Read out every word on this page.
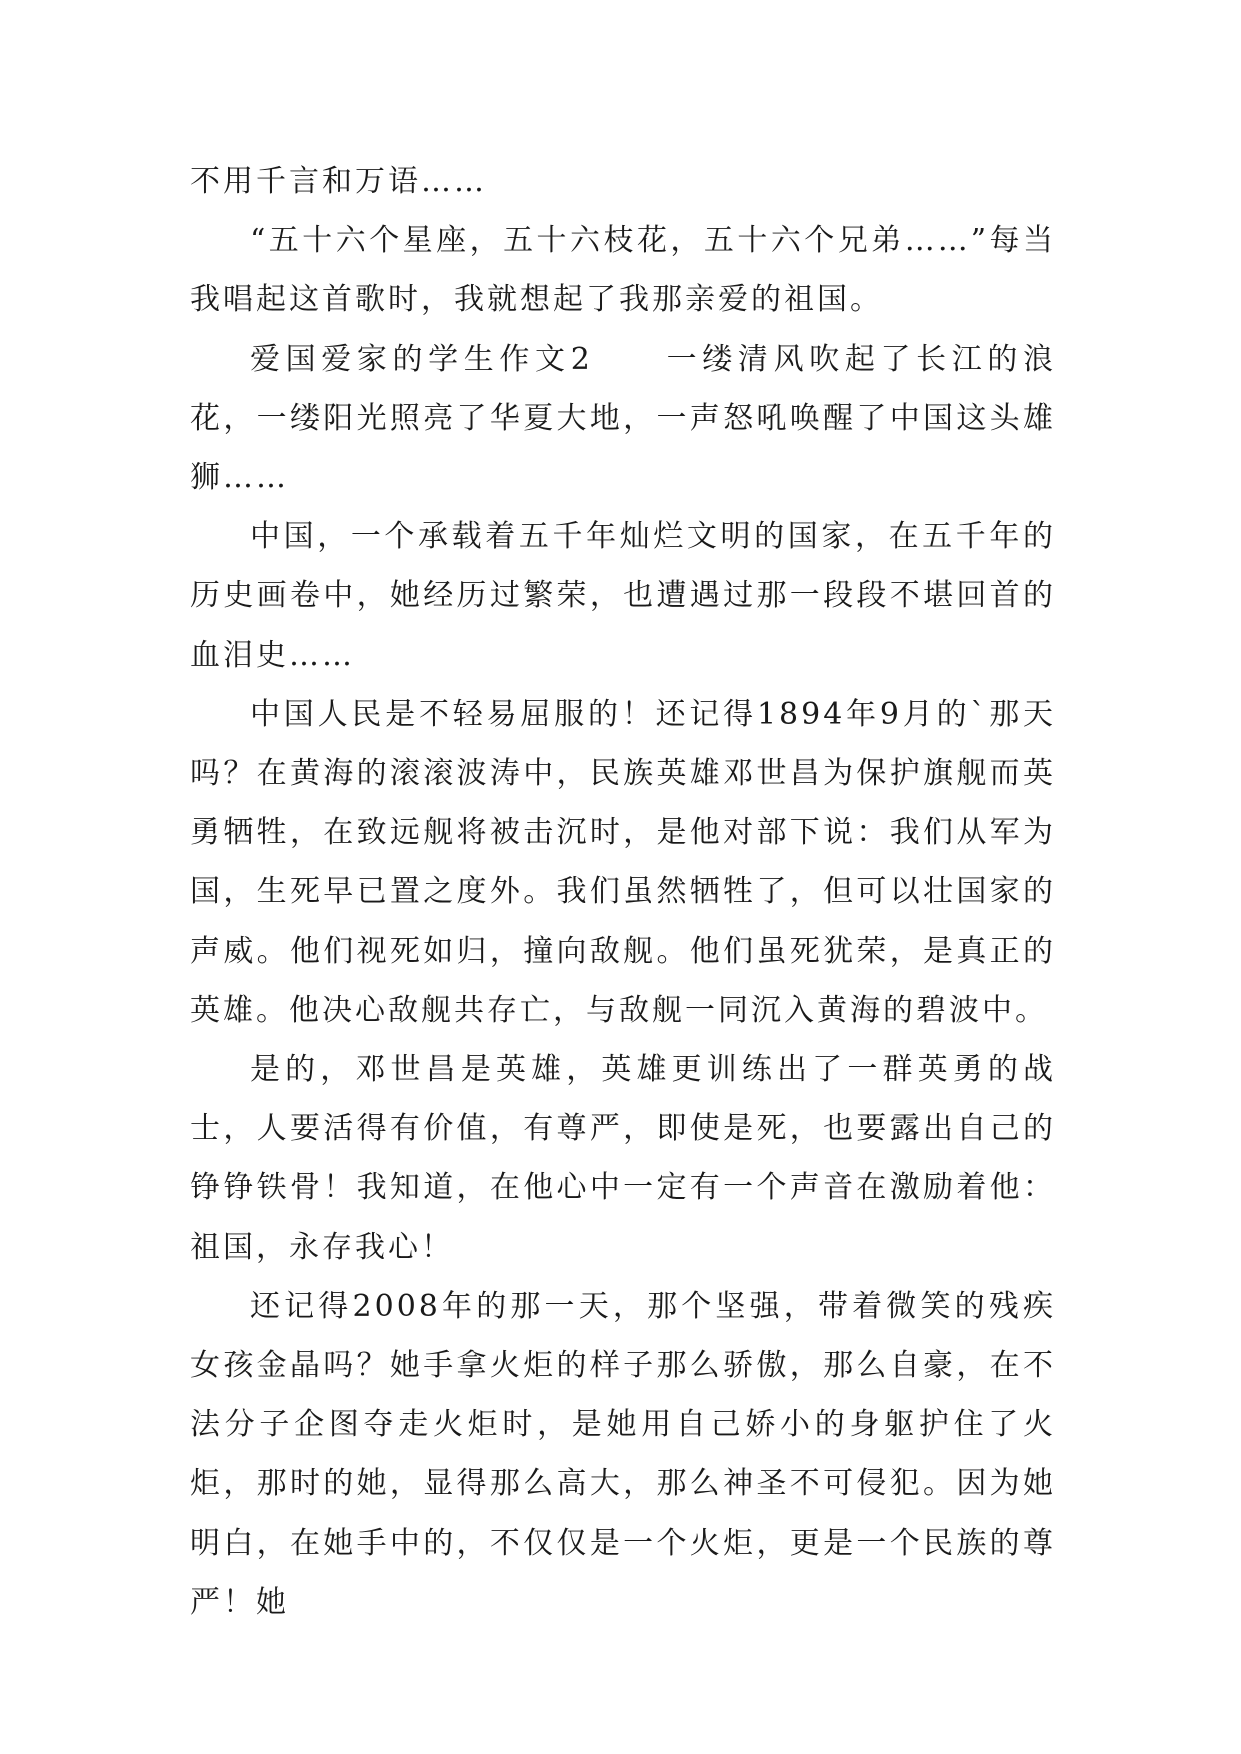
不用千言和万语……

“五十六个星座，五十六枝花，五十六个兄弟……”每当我唱起这首歌时，我就想起了我那亲爱的祖国。

爱国爱家的学生作文2　　一缕清风吹起了长江的浪花，一缕阳光照亮了华夏大地，一声怒吼唤醒了中国这头雄狮……

中国，一个承载着五千年灿烂文明的国家，在五千年的历史画卷中，她经历过繁荣，也遭遇过那一段段不堪回首的血泪史……

中国人民是不轻易屈服的！还记得1894年9月的`那天吗？在黄海的滚滚波涛中，民族英雄邓世昌为保护旗舰而英勇牺牲，在致远舰将被击沉时，是他对部下说：我们从军为国，生死早已置之度外。我们虽然牺牲了，但可以壮国家的声威。他们视死如归，撞向敌舰。他们虽死犹荣，是真正的英雄。他决心敌舰共存亡，与敌舰一同沉入黄海的碧波中。

是的，邓世昌是英雄，英雄更训练出了一群英勇的战士，人要活得有价值，有尊严，即使是死，也要露出自己的铮铮铁骨！我知道，在他心中一定有一个声音在激励着他：祖国，永存我心！

还记得2008年的那一天，那个坚强，带着微笑的残疾女孩金晶吗？她手拿火炬的样子那么骄傲，那么自豪，在不法分子企图夺走火炬时，是她用自己娇小的身躯护住了火炬，那时的她，显得那么高大，那么神圣不可侵犯。因为她明白，在她手中的，不仅仅是一个火炬，更是一个民族的尊严！她
